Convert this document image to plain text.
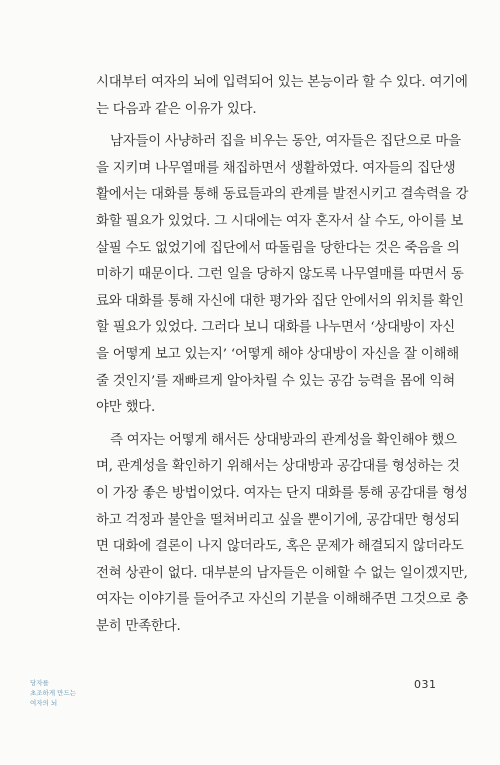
시대부터 여자의 뇌에 입력되어 있는 본능이라 할 수 있다. 여기에
는 다음과 같은 이유가 있다.
남자들이 사냥하러 집을 비우는 동안, 여자들은 집단으로 마을
을 지키며 나무열매를 채집하면서 생활하였다. 여자들의 집단생
활에서는 대화를 통해 동료들과의 관계를 발전시키고 결속력을 강
화할 필요가 있었다. 그 시대에는 여자 혼자서 살 수도, 아이를 보
살필 수도 없었기에 집단에서 따돌림을 당한다는 것은 죽음을 의
미하기 때문이다. 그런 일을 당하지 않도록 나무열매를 따면서 동
료와 대화를 통해 자신에 대한 평가와 집단 안에서의 위치를 확인
할 필요가 있었다. 그러다 보니 대화를 나누면서 ‘상대방이 자신
을 어떻게 보고 있는지’ ‘어떻게 해야 상대방이 자신을 잘 이해해
줄 것인지’를 재빠르게 알아차릴 수 있는 공감 능력을 몸에 익혀
야만 했다.
즉 여자는 어떻게 해서든 상대방과의 관계성을 확인해야 했으
며, 관계성을 확인하기 위해서는 상대방과 공감대를 형성하는 것
이 가장 좋은 방법이었다. 여자는 단지 대화를 통해 공감대를 형성
하고 걱정과 불안을 떨쳐버리고 싶을 뿐이기에, 공감대만 형성되
면 대화에 결론이 나지 않더라도, 혹은 문제가 해결되지 않더라도
전혀 상관이 없다. 대부분의 남자들은 이해할 수 없는 일이겠지만,
여자는 이야기를 들어주고 자신의 기분을 이해해주면 그것으로 충
분히 만족한다.
당자를
초조하게 만드는
여자의 뇌
031
